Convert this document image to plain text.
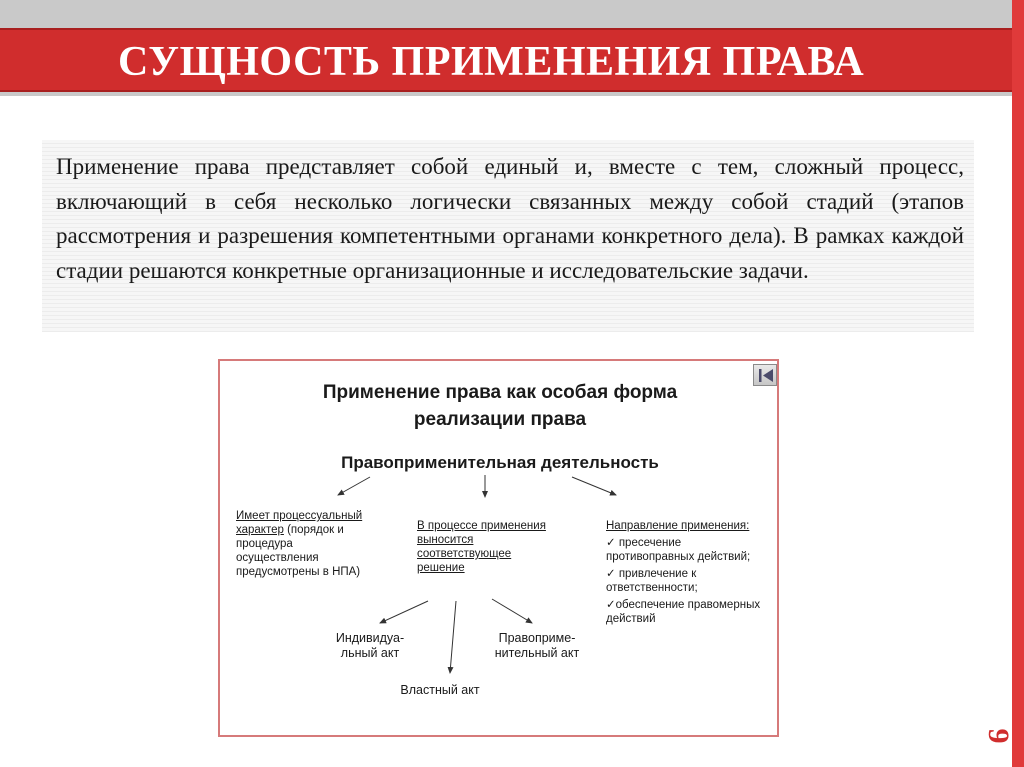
СУЩНОСТЬ ПРИМЕНЕНИЯ ПРАВА

Применение права представляет собой единый и, вместе с тем, сложный процесс, включающий в себя несколько логически связанных между собой стадий (этапов рассмотрения и разрешения компетентными органами конкретного дела). В рамках каждой стадии решаются конкретные организационные и исследовательские задачи.

Применение права как особая форма
реализации права
Правоприменительная деятельность
Имеет процессуальный характер (порядок и процедура осуществления предусмотрены в НПА)
В процессе применения выносится соответствующее решение
Направление применения:
✓ пресечение противоправных действий;
✓ привлечение к ответственности;
✓обеспечение правомерных действий
Индивидуа-льный акт
Правоприме-нительный акт
Властный акт
9
